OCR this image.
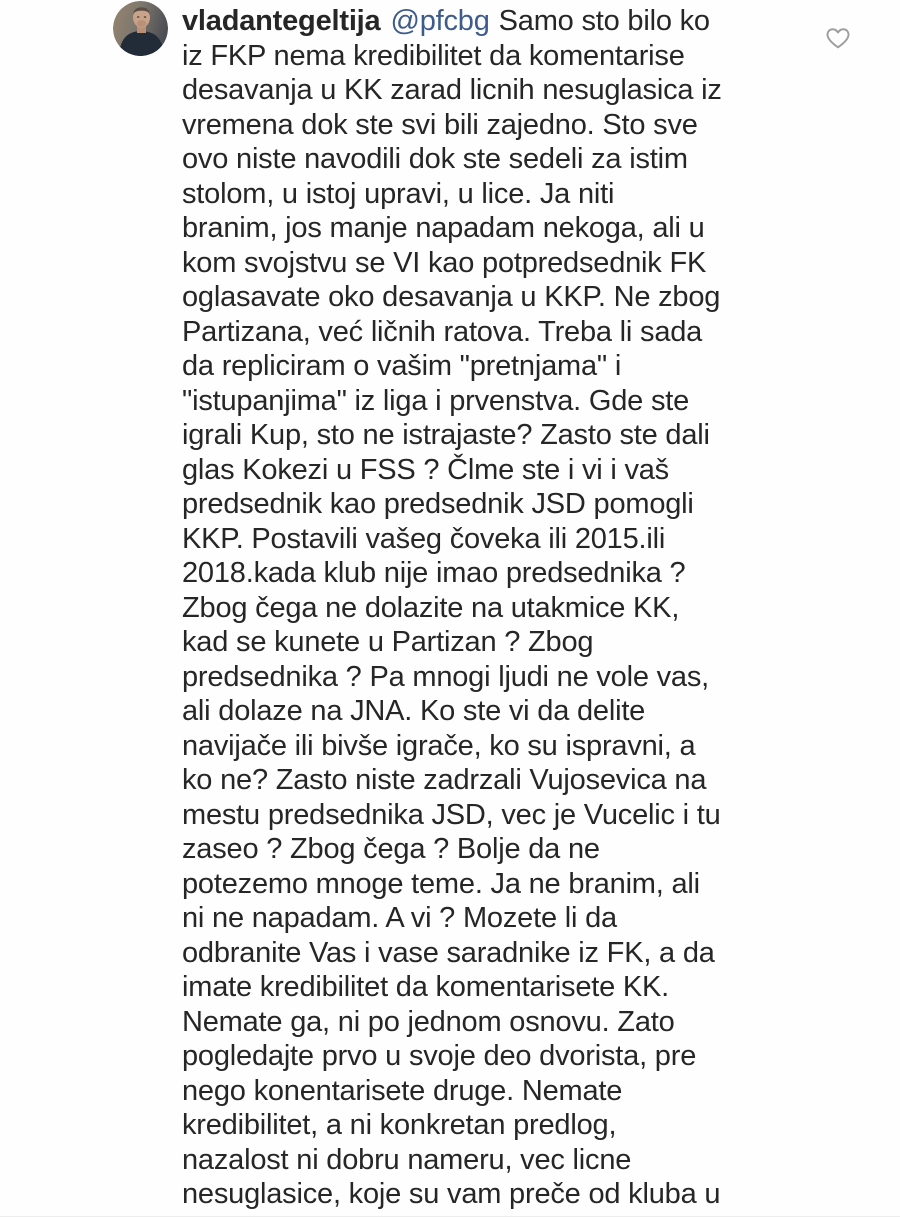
vladantegeltija @pfcbg Samo sto bilo ko

iz FKP nema kredibilitet da komentarise

desavanja u KK zarad licnih nesuglasica iz

vremena dok ste svi bili zajedno. Sto sve

ovo niste navodili dok ste sedeli za istim

stolom, u istoj upravi, u lice. Ja niti

branim, jos manje napadam nekoga, ali u

kom svojstvu se VI kao potpredsednik FK

oglasavate oko desavanja u KKP. Ne zbog

Partizana, već ličnih ratova. Treba li sada

da repliciram o vašim "pretnjama" i

"istupanjima" iz liga i prvenstva. Gde ste

igrali Kup, sto ne istrajaste? Zasto ste dali

glas Kokezi u FSS ? Člme ste i vi i vaš

predsednik kao predsednik JSD pomogli

KKP. Postavili vašeg čoveka ili 2015.ili

2018.kada klub nije imao predsednika ?

Zbog čega ne dolazite na utakmice KK,

kad se kunete u Partizan ? Zbog

predsednika ? Pa mnogi ljudi ne vole vas,

ali dolaze na JNA. Ko ste vi da delite

navijače ili bivše igrače, ko su ispravni, a

ko ne? Zasto niste zadrzali Vujosevica na

mestu predsednika JSD, vec je Vucelic i tu

zaseo ? Zbog čega ? Bolje da ne

potezemo mnoge teme. Ja ne branim, ali

ni ne napadam. A vi ? Mozete li da

odbranite Vas i vase saradnike iz FK, a da

imate kredibilitet da komentarisete KK.

Nemate ga, ni po jednom osnovu. Zato

pogledajte prvo u svoje deo dvorista, pre

nego konentarisete druge. Nemate

kredibilitet, a ni konkretan predlog,

nazalost ni dobru nameru, vec licne

nesuglasice, koje su vam preče od kluba u
